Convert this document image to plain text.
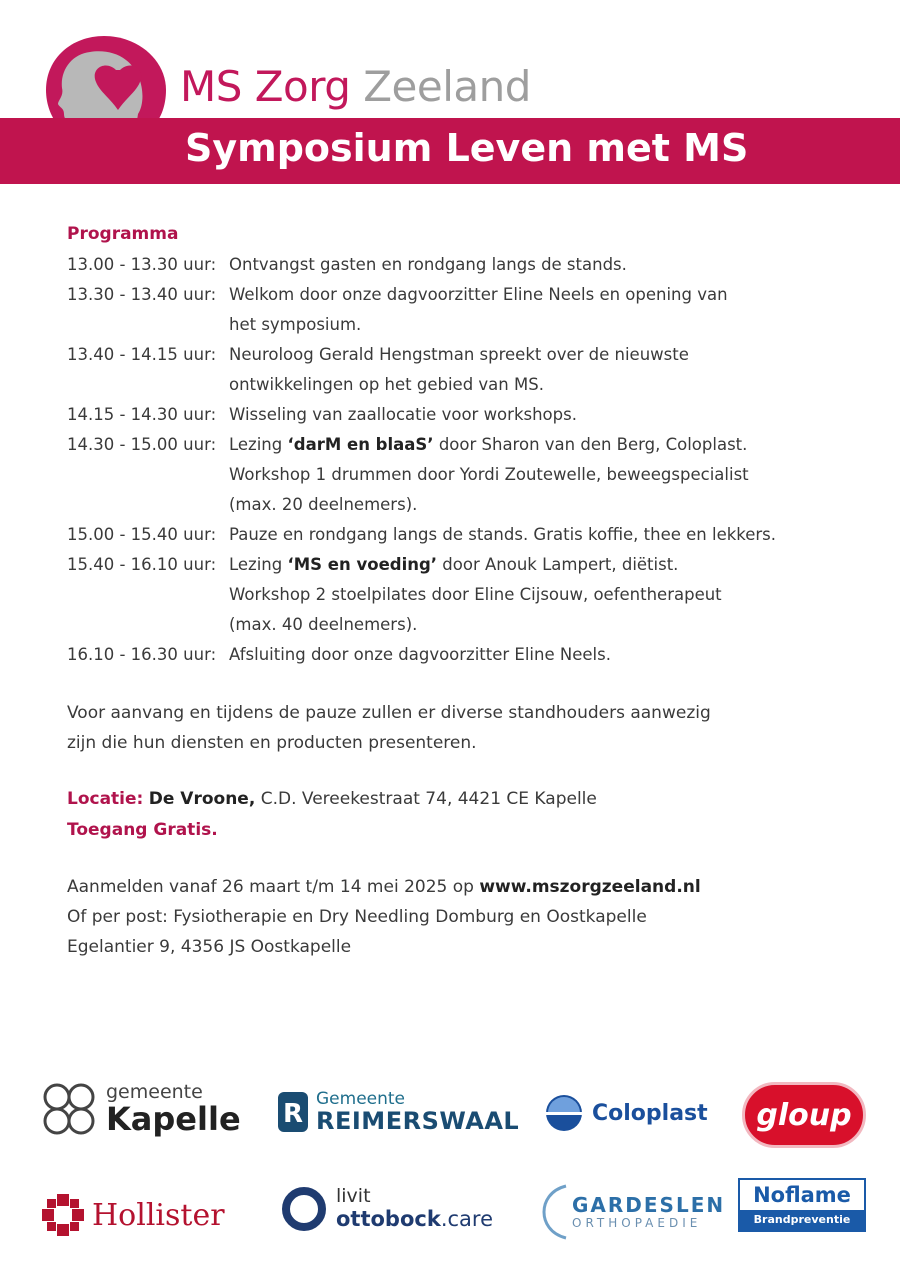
MS Zorg Zeeland
Symposium Leven met MS
Programma
13.00 - 13.30 uur: Ontvangst gasten en rondgang langs de stands.
13.30 - 13.40 uur: Welkom door onze dagvoorzitter Eline Neels en opening van
het symposium.
13.40 - 14.15 uur: Neuroloog Gerald Hengstman spreekt over de nieuwste
ontwikkelingen op het gebied van MS.
14.15 - 14.30 uur: Wisseling van zaallocatie voor workshops.
14.30 - 15.00 uur: Lezing ‘darM en blaaS’ door Sharon van den Berg, Coloplast.
Workshop 1 drummen door Yordi Zoutewelle, beweegspecialist
(max. 20 deelnemers).
15.00 - 15.40 uur: Pauze en rondgang langs de stands. Gratis koffie, thee en lekkers.
15.40 - 16.10 uur: Lezing ‘MS en voeding’ door Anouk Lampert, diëtist.
Workshop 2 stoelpilates door Eline Cijsouw, oefentherapeut
(max. 40 deelnemers).
16.10 - 16.30 uur: Afsluiting door onze dagvoorzitter Eline Neels.
Voor aanvang en tijdens de pauze zullen er diverse standhouders aanwezig
zijn die hun diensten en producten presenteren.
Locatie: De Vroone, C.D. Vereekestraat 74, 4421 CE Kapelle
Toegang Gratis.
Aanmelden vanaf 26 maart t/m 14 mei 2025 op www.mszorgzeeland.nl
Of per post: Fysiotherapie en Dry Needling Domburg en Oostkapelle
Egelantier 9, 4356 JS Oostkapelle
gemeente
Kapelle R Gemeente
REIMERSWAAL	Coloplast gloup
Hollister
livit
ottobock.care
GARDESLEN
ORTHOPAEDIE
Noflame
Brandpreventie
